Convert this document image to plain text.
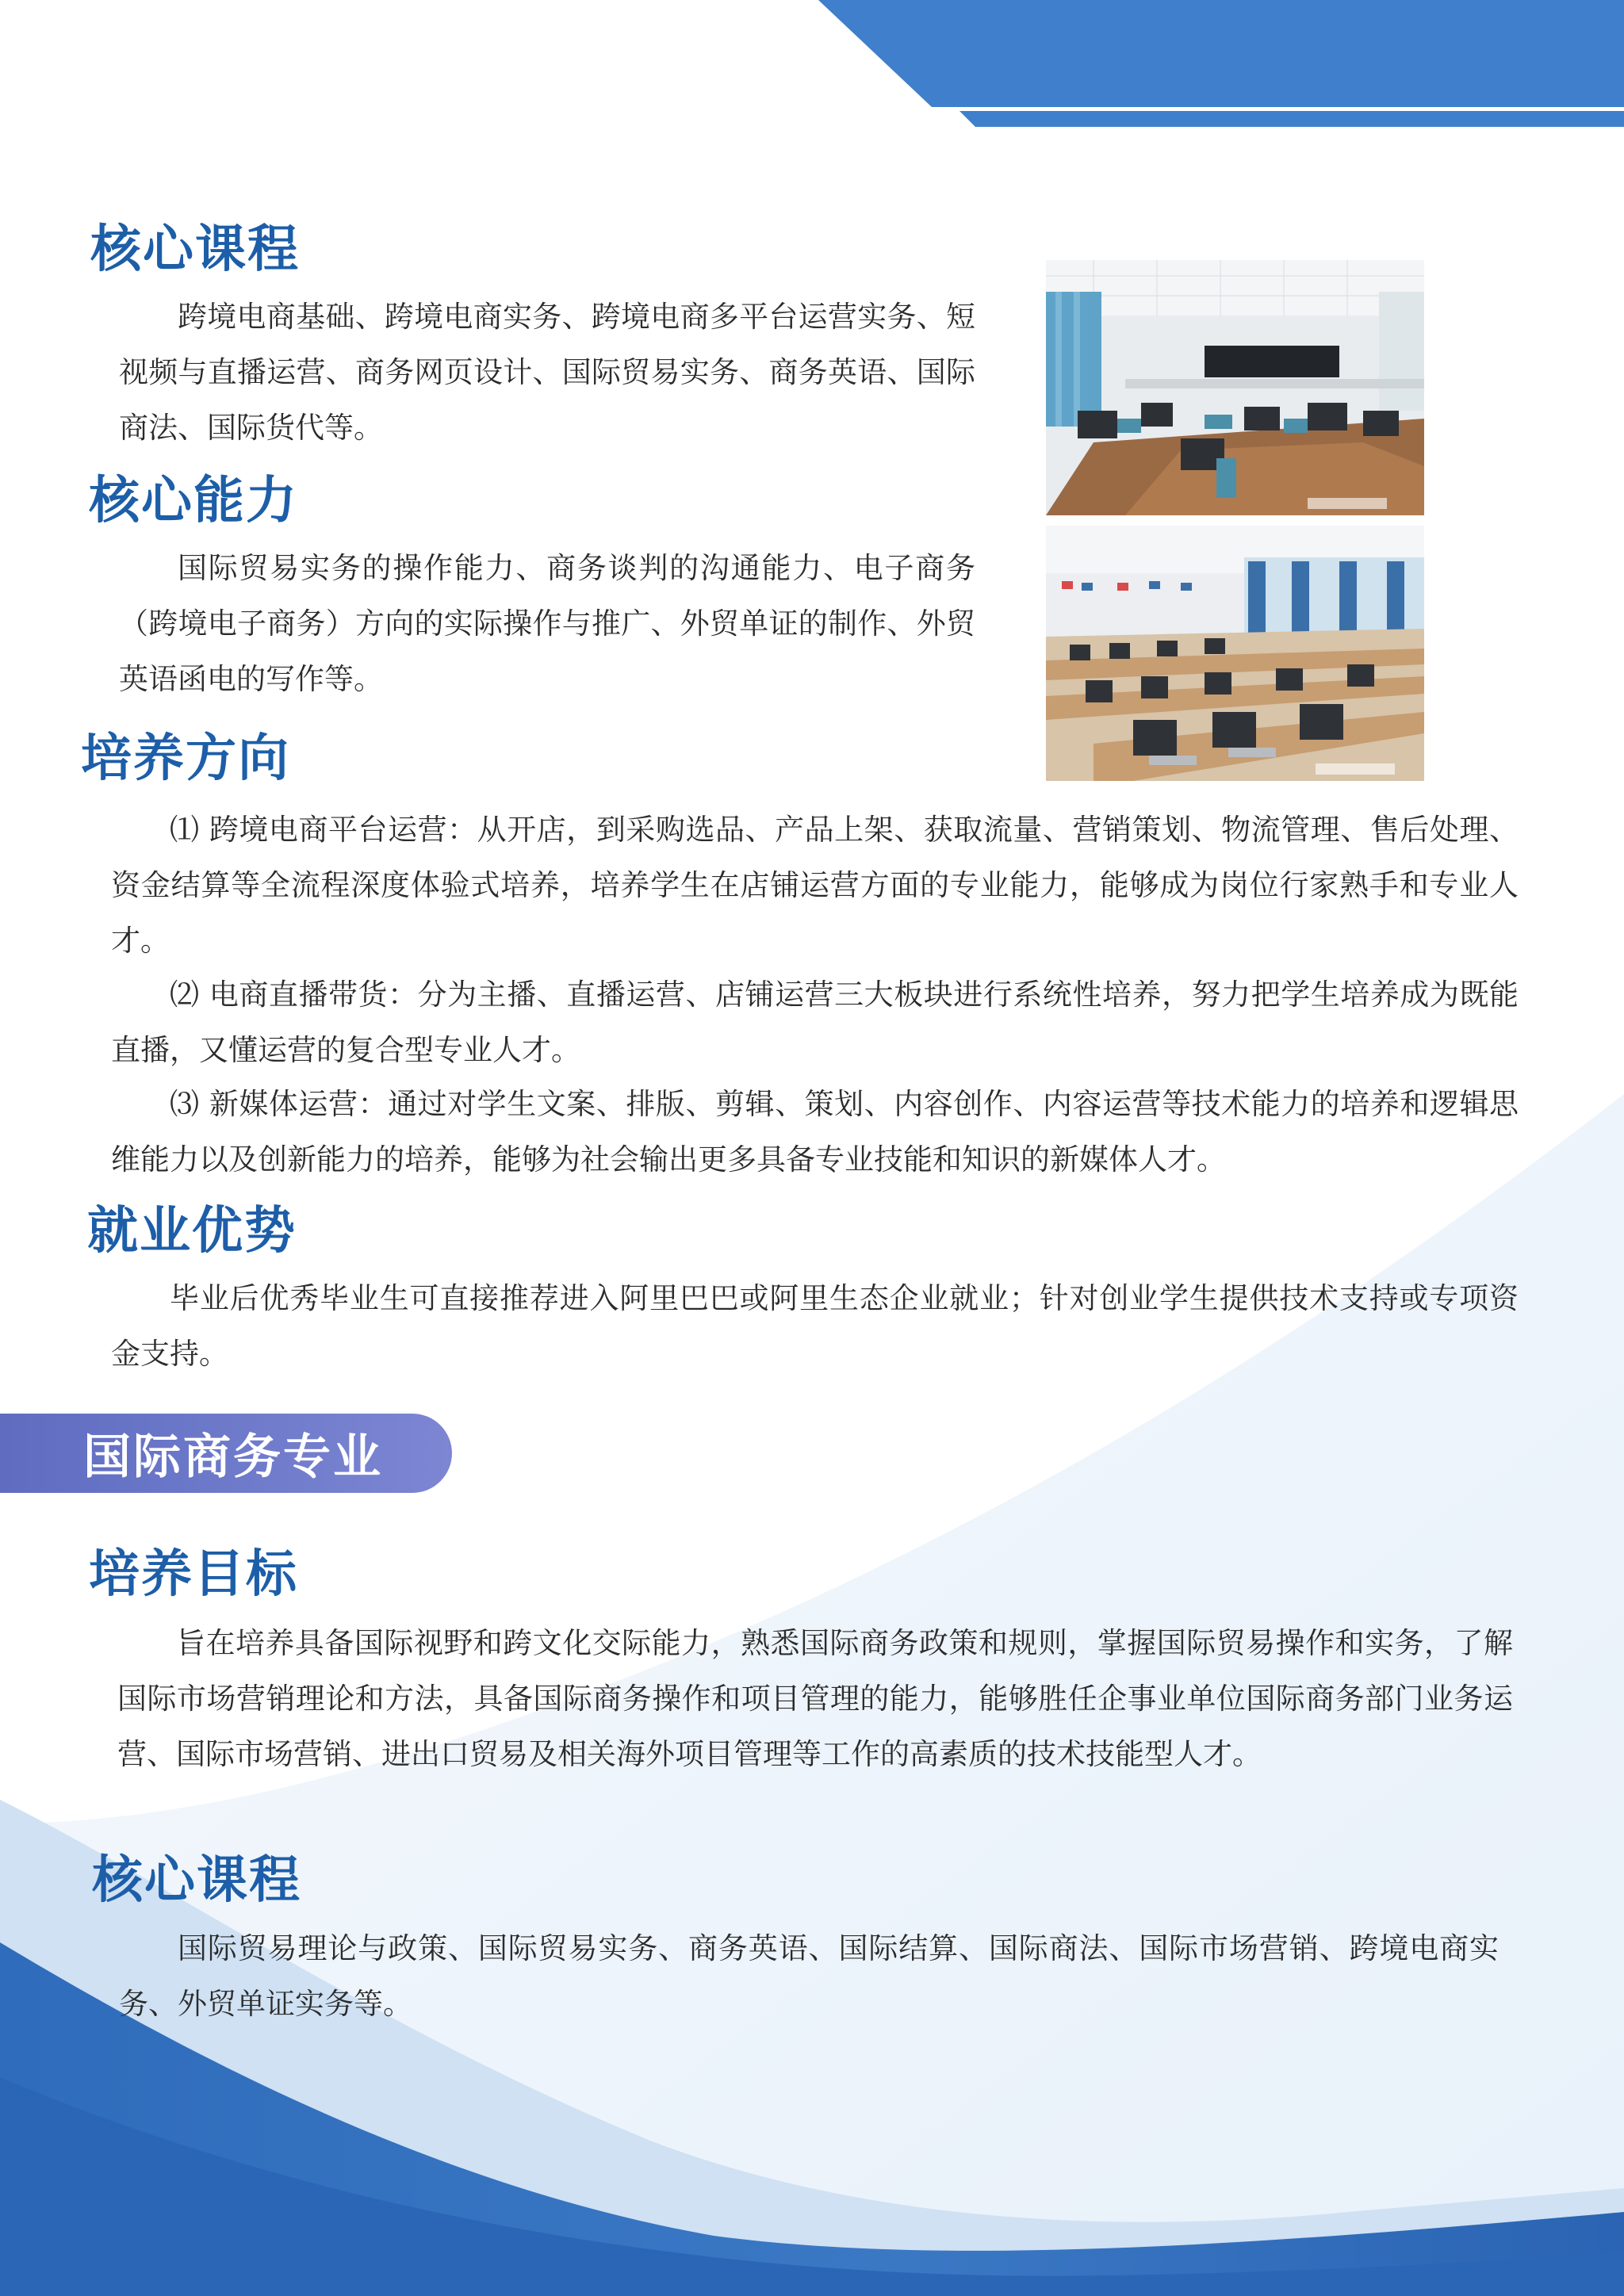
核心课程

跨境电商基础、跨境电商实务、跨境电商多平台运营实务、短视频与直播运营、商务网页设计、国际贸易实务、商务英语、国际商法、国际货代等。

核心能力

国际贸易实务的操作能力、商务谈判的沟通能力、电子商务（跨境电子商务）方向的实际操作与推广、外贸单证的制作、外贸英语函电的写作等。

培养方向

⑴ 跨境电商平台运营：从开店，到采购选品、产品上架、获取流量、营销策划、物流管理、售后处理、资金结算等全流程深度体验式培养，培养学生在店铺运营方面的专业能力，能够成为岗位行家熟手和专业人才。

⑵ 电商直播带货：分为主播、直播运营、店铺运营三大板块进行系统性培养，努力把学生培养成为既能直播，又懂运营的复合型专业人才。

⑶ 新媒体运营：通过对学生文案、排版、剪辑、策划、内容创作、内容运营等技术能力的培养和逻辑思维能力以及创新能力的培养，能够为社会输出更多具备专业技能和知识的新媒体人才。

就业优势

毕业后优秀毕业生可直接推荐进入阿里巴巴或阿里生态企业就业；针对创业学生提供技术支持或专项资金支持。

国际商务专业
培养目标

旨在培养具备国际视野和跨文化交际能力，熟悉国际商务政策和规则，掌握国际贸易操作和实务，了解国际市场营销理论和方法，具备国际商务操作和项目管理的能力，能够胜任企事业单位国际商务部门业务运营、国际市场营销、进出口贸易及相关海外项目管理等工作的高素质的技术技能型人才。

核心课程

国际贸易理论与政策、国际贸易实务、商务英语、国际结算、国际商法、国际市场营销、跨境电商实务、外贸单证实务等。
